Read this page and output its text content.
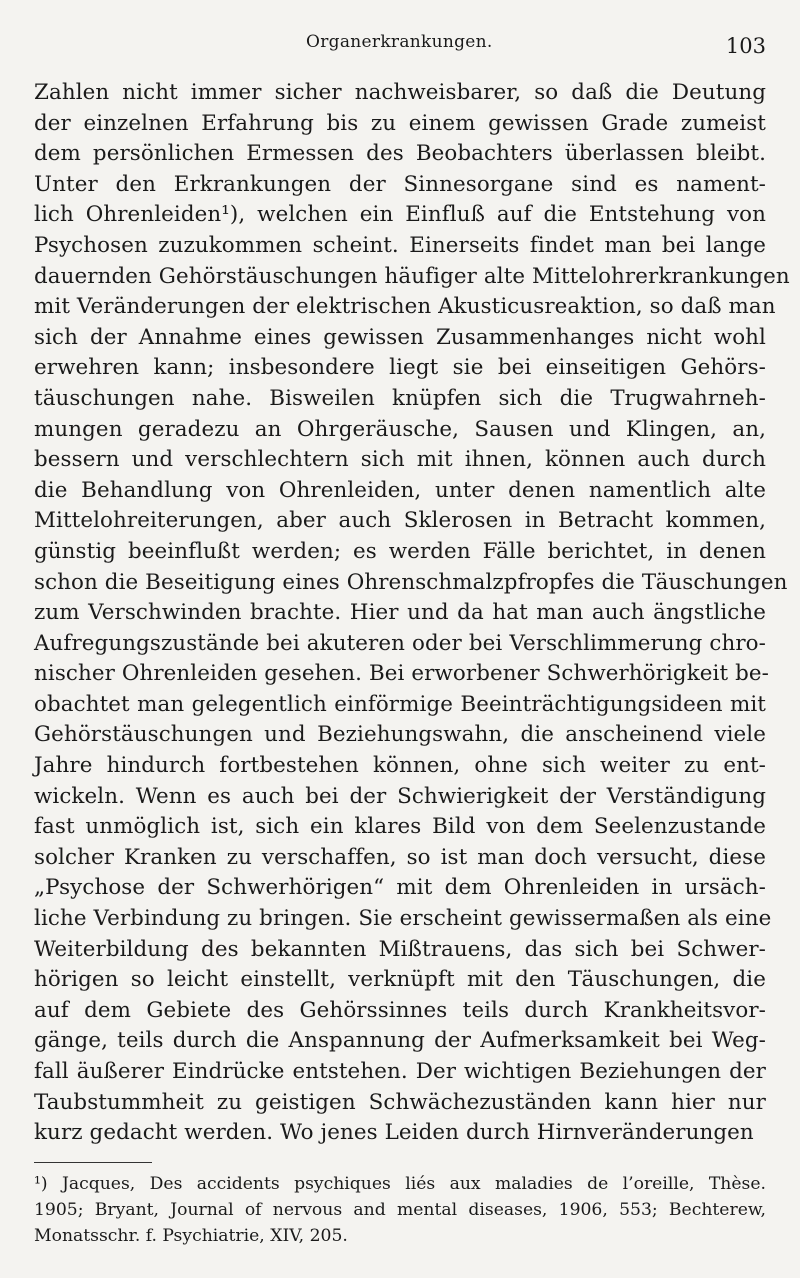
Organerkrankungen.	103
Zahlen nicht immer sicher nachweisbarer, so daß die Deutung
der einzelnen Erfahrung bis zu einem gewissen Grade zumeist
dem persönlichen Ermessen des Beobachters überlassen bleibt.
Unter den Erkrankungen der Sinnesorgane sind es nament-
lich Ohrenleiden¹), welchen ein Einfluß auf die Entstehung von
Psychosen zuzukommen scheint. Einerseits findet man bei lange
dauernden Gehörstäuschungen häufiger alte Mittelohrerkrankungen
mit Veränderungen der elektrischen Akusticusreaktion, so daß man
sich der Annahme eines gewissen Zusammenhanges nicht wohl
erwehren kann; insbesondere liegt sie bei einseitigen Gehörs-
täuschungen nahe. Bisweilen knüpfen sich die Trugwahrneh-
mungen geradezu an Ohrgeräusche, Sausen und Klingen, an,
bessern und verschlechtern sich mit ihnen, können auch durch
die Behandlung von Ohrenleiden, unter denen namentlich alte
Mittelohreiterungen, aber auch Sklerosen in Betracht kommen,
günstig beeinflußt werden; es werden Fälle berichtet, in denen
schon die Beseitigung eines Ohrenschmalzpfropfes die Täuschungen
zum Verschwinden brachte. Hier und da hat man auch ängstliche
Aufregungszustände bei akuteren oder bei Verschlimmerung chro-
nischer Ohrenleiden gesehen. Bei erworbener Schwerhörigkeit be-
obachtet man gelegentlich einförmige Beeinträchtigungsideen mit
Gehörstäuschungen und Beziehungswahn, die anscheinend viele
Jahre hindurch fortbestehen können, ohne sich weiter zu ent-
wickeln. Wenn es auch bei der Schwierigkeit der Verständigung
fast unmöglich ist, sich ein klares Bild von dem Seelenzustande
solcher Kranken zu verschaffen, so ist man doch versucht, diese
„Psychose der Schwerhörigen“ mit dem Ohrenleiden in ursäch-
liche Verbindung zu bringen. Sie erscheint gewissermaßen als eine
Weiterbildung des bekannten Mißtrauens, das sich bei Schwer-
hörigen so leicht einstellt, verknüpft mit den Täuschungen, die
auf dem Gebiete des Gehörssinnes teils durch Krankheitsvor-
gänge, teils durch die Anspannung der Aufmerksamkeit bei Weg-
fall äußerer Eindrücke entstehen. Der wichtigen Beziehungen der
Taubstummheit zu geistigen Schwächezuständen kann hier nur
kurz gedacht werden. Wo jenes Leiden durch Hirnveränderungen
¹) Jacques, Des accidents psychiques liés aux maladies de l’oreille, Thèse.
1905; Bryant, Journal of nervous and mental diseases, 1906, 553; Bechterew,
Monatsschr. f. Psychiatrie, XIV, 205.
